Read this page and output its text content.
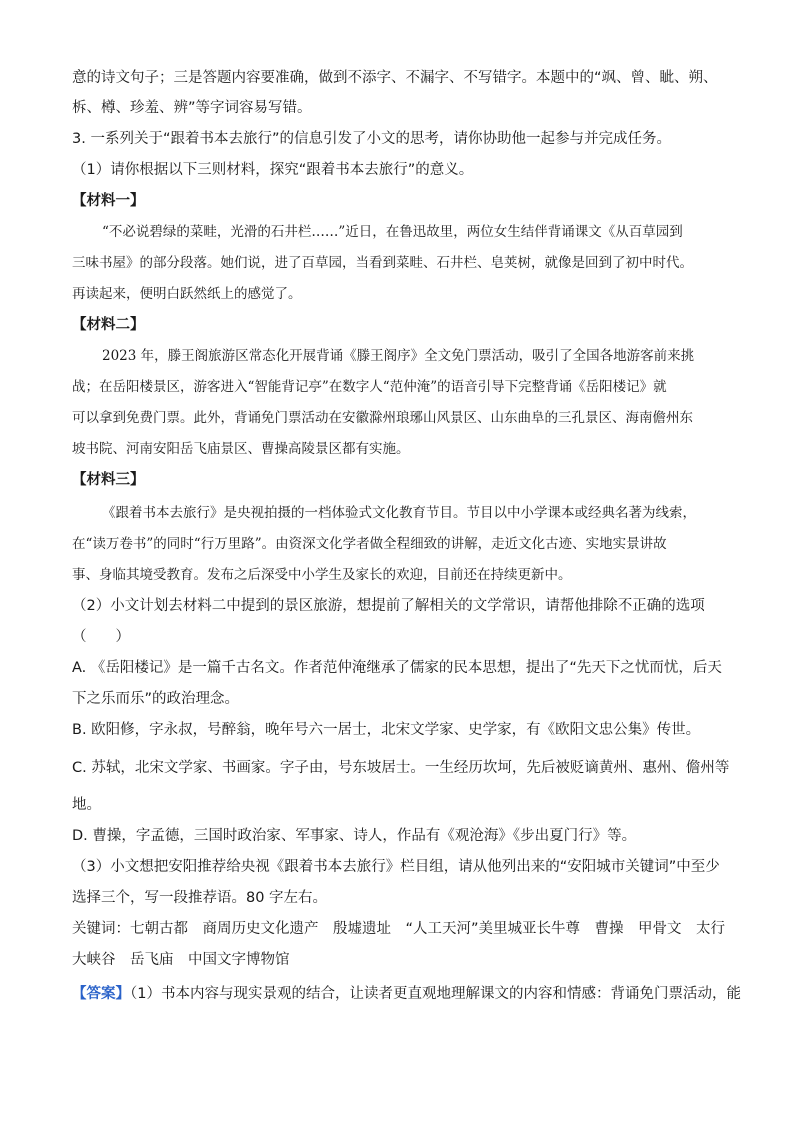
意的诗文句子；三是答题内容要准确，做到不添字、不漏字、不写错字。本题中的“飒、曾、眦、朔、
柝、樽、珍羞、辨”等字词容易写错。
3. 一系列关于“跟着书本去旅行”的信息引发了小文的思考，请你协助他一起参与并完成任务。
（1）请你根据以下三则材料，探究“跟着书本去旅行”的意义。
【材料一】
“不必说碧绿的菜畦，光滑的石井栏……”近日，在鲁迅故里，两位女生结伴背诵课文《从百草园到
三味书屋》的部分段落。她们说，进了百草园，当看到菜畦、石井栏、皂荚树，就像是回到了初中时代。
再读起来，便明白跃然纸上的感觉了。
【材料二】
2023 年，滕王阁旅游区常态化开展背诵《滕王阁序》全文免门票活动，吸引了全国各地游客前来挑
战；在岳阳楼景区，游客进入“智能背记亭”在数字人“范仲淹”的语音引导下完整背诵《岳阳楼记》就
可以拿到免费门票。此外，背诵免门票活动在安徽滁州琅琊山风景区、山东曲阜的三孔景区、海南儋州东
坡书院、河南安阳岳飞庙景区、曹操高陵景区都有实施。
【材料三】
《跟着书本去旅行》是央视拍摄的一档体验式文化教育节目。节目以中小学课本或经典名著为线索，
在“读万卷书”的同时“行万里路”。由资深文化学者做全程细致的讲解，走近文化古迹、实地实景讲故
事、身临其境受教育。发布之后深受中小学生及家长的欢迎，目前还在持续更新中。
（2）小文计划去材料二中提到的景区旅游，想提前了解相关的文学常识，请帮他排除不正确的选项
（　　）
A. 《岳阳楼记》是一篇千古名文。作者范仲淹继承了儒家的民本思想，提出了“先天下之忧而忧，后天
下之乐而乐”的政治理念。
B. 欧阳修，字永叔，号醉翁，晚年号六一居士，北宋文学家、史学家，有《欧阳文忠公集》传世。
C. 苏轼，北宋文学家、书画家。字子由，号东坡居士。一生经历坎坷，先后被贬谪黄州、惠州、儋州等
地。
D. 曹操，字孟德，三国时政治家、军事家、诗人，作品有《观沧海》《步出夏门行》等。
（3）小文想把安阳推荐给央视《跟着书本去旅行》栏目组，请从他列出来的“安阳城市关键词”中至少
选择三个，写一段推荐语。80 字左右。
关键词：七朝古都　商周历史文化遗产　殷墟遗址　“人工天河”美里城亚长牛尊　曹操　甲骨文　太行
大峡谷　岳飞庙　中国文字博物馆
【答案】（1）书本内容与现实景观的结合，让读者更直观地理解课文的内容和情感：背诵免门票活动，能
